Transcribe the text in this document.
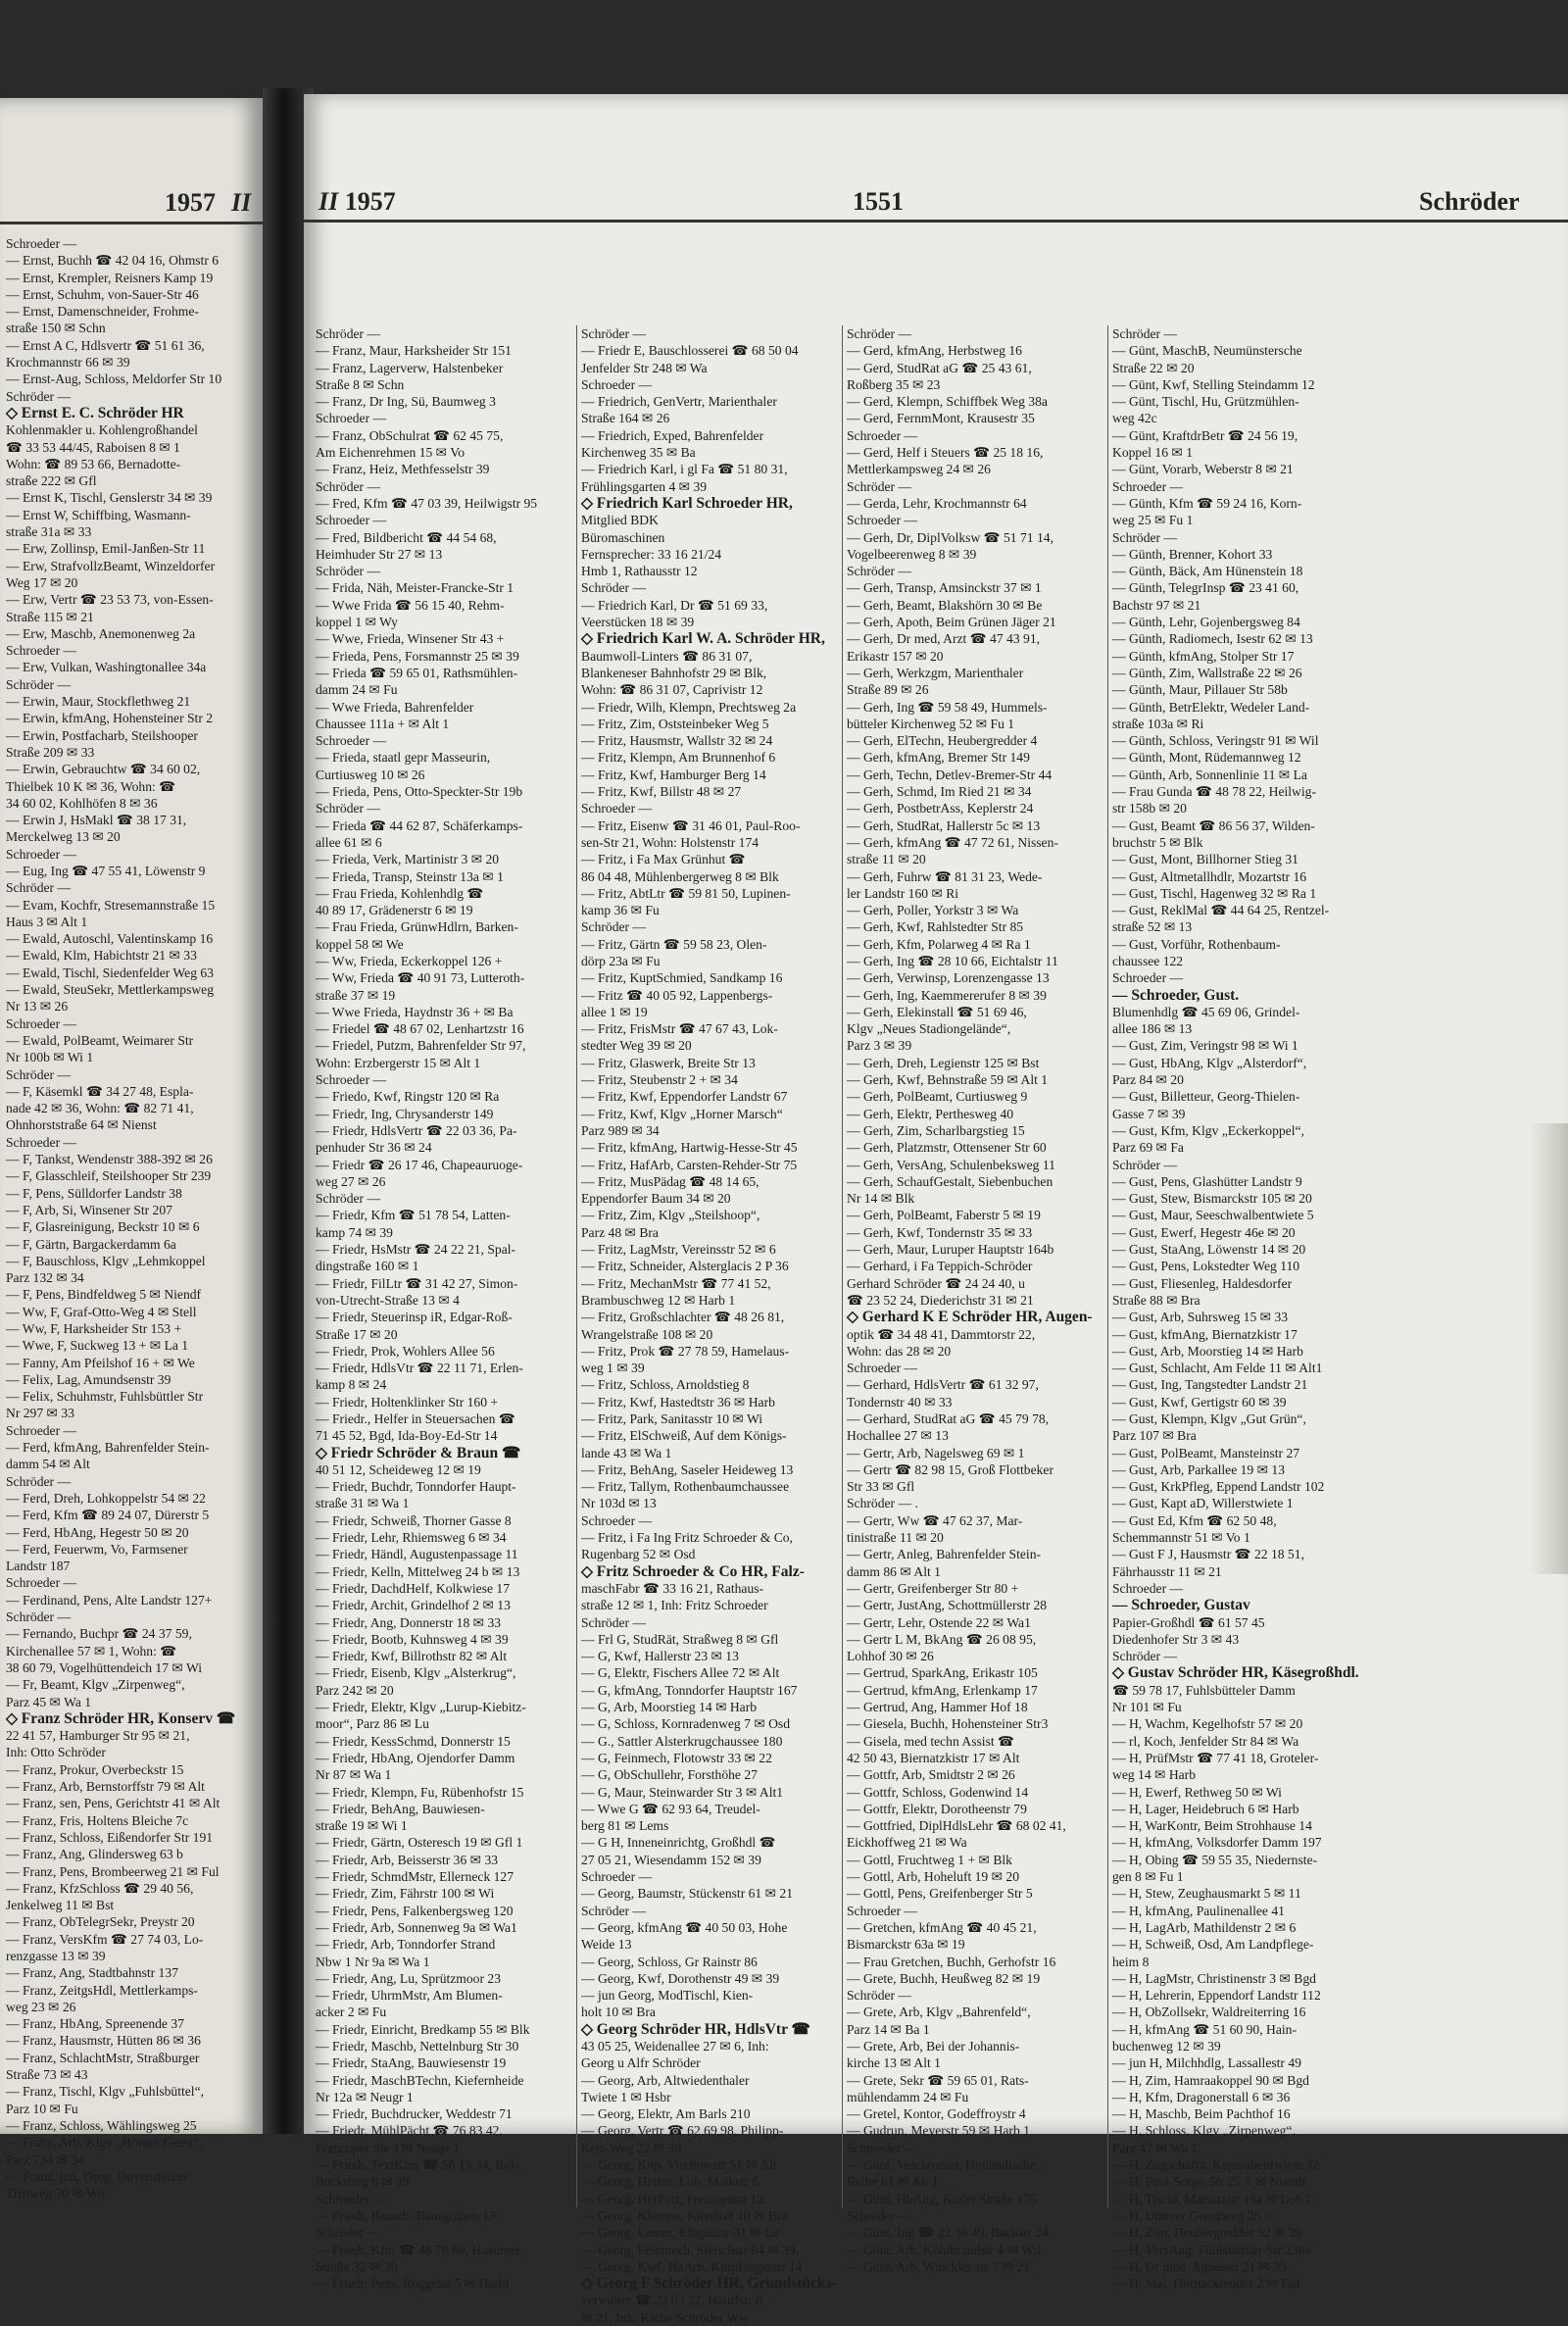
1957 II
Schroeder —
— Ernst, Buchh ☎ 42 04 16, Ohmstr 6
— Ernst, Krempler, Reisners Kamp 19
— Ernst, Schuhm, von-Sauer-Str 46
— Ernst, Damenschneider, Frohme-
straße 150 ✉ Schn
— Ernst A C, Hdlsvertr ☎ 51 61 36,
Krochmannstr 66 ✉ 39
— Ernst-Aug, Schloss, Meldorfer Str 10
Schröder —
◇ Ernst E. C. Schröder HR
Kohlenmakler u. Kohlengroßhandel
☎ 33 53 44/45, Raboisen 8 ✉ 1
Wohn: ☎ 89 53 66, Bernadotte-
straße 222 ✉ Gfl
— Ernst K, Tischl, Genslerstr 34 ✉ 39
— Ernst W, Schiffbing, Wasmann-
straße 31a ✉ 33
— Erw, Zollinsp, Emil-Janßen-Str 11
— Erw, StrafvollzBeamt, Winzeldorfer
Weg 17 ✉ 20
— Erw, Vertr ☎ 23 53 73, von-Essen-
Straße 115 ✉ 21
— Erw, Maschb, Anemonenweg 2a
Schroeder —
— Erw, Vulkan, Washingtonallee 34a
Schröder —
— Erwin, Maur, Stockflethweg 21
— Erwin, kfmAng, Hohensteiner Str 2
— Erwin, Postfacharb, Steilshooper
Straße 209 ✉ 33
— Erwin, Gebrauchtw ☎ 34 60 02,
Thielbek 10 K ✉ 36, Wohn: ☎
34 60 02, Kohlhöfen 8 ✉ 36
— Erwin J, HsMakl ☎ 38 17 31,
Merckelweg 13 ✉ 20
Schroeder —
— Eug, Ing ☎ 47 55 41, Löwenstr 9
Schröder —
— Evam, Kochfr, Stresemannstraße 15
Haus 3 ✉ Alt 1
— Ewald, Autoschl, Valentinskamp 16
— Ewald, Klm, Habichtstr 21 ✉ 33
— Ewald, Tischl, Siedenfelder Weg 63
— Ewald, SteuSekr, Mettlerkampsweg
Nr 13 ✉ 26
Schroeder —
— Ewald, PolBeamt, Weimarer Str
Nr 100b ✉ Wi 1
Schröder —
— F, Käsemkl ☎ 34 27 48, Espla-
nade 42 ✉ 36, Wohn: ☎ 82 71 41,
Ohnhorststraße 64 ✉ Nienst
Schroeder —
— F, Tankst, Wendenstr 388-392 ✉ 26
— F, Glasschleif, Steilshooper Str 239
— F, Pens, Sülldorfer Landstr 38
— F, Arb, Si, Winsener Str 207
— F, Glasreinigung, Beckstr 10 ✉ 6
— F, Gärtn, Bargackerdamm 6a
— F, Bauschloss, Klgv „Lehmkoppel
Parz 132 ✉ 34
— F, Pens, Bindfeldweg 5 ✉ Niendf
— Ww, F, Graf-Otto-Weg 4 ✉ Stell
— Ww, F, Harksheider Str 153 +
— Wwe, F, Suckweg 13 + ✉ La 1
— Fanny, Am Pfeilshof 16 + ✉ We
— Felix, Lag, Amundsenstr 39
— Felix, Schuhmstr, Fuhlsbüttler Str
Nr 297 ✉ 33
Schroeder —
— Ferd, kfmAng, Bahrenfelder Stein-
damm 54 ✉ Alt
Schröder —
— Ferd, Dreh, Lohkoppelstr 54 ✉ 22
— Ferd, Kfm ☎ 89 24 07, Dürerstr 5
— Ferd, HbAng, Hegestr 50 ✉ 20
— Ferd, Feuerwm, Vo, Farmsener
Landstr 187
Schroeder —
— Ferdinand, Pens, Alte Landstr 127+
Schröder —
— Fernando, Buchpr ☎ 24 37 59,
Kirchenallee 57 ✉ 1, Wohn: ☎
38 60 79, Vogelhüttendeich 17 ✉ Wi
— Fr, Beamt, Klgv „Zirpenweg“,
Parz 45 ✉ Wa 1
◇ Franz Schröder HR, Konserv ☎
22 41 57, Hamburger Str 95 ✉ 21,
Inh: Otto Schröder
— Franz, Prokur, Overbeckstr 15
— Franz, Arb, Bernstorffstr 79 ✉ Alt
— Franz, sen, Pens, Gerichtstr 41 ✉ Alt
— Franz, Fris, Holtens Bleiche 7c
— Franz, Schloss, Eißendorfer Str 191
— Franz, Ang, Glindersweg 63 b
— Franz, Pens, Brombeerweg 21 ✉ Ful
— Franz, KfzSchloss ☎ 29 40 56,
Jenkelweg 11 ✉ Bst
— Franz, ObTelegrSekr, Preystr 20
— Franz, VersKfm ☎ 27 74 03, Lo-
renzgasse 13 ✉ 39
— Franz, Ang, Stadtbahnstr 137
— Franz, ZeitgsHdl, Mettlerkamps-
weg 23 ✉ 26
— Franz, HbAng, Spreenende 37
— Franz, Hausmstr, Hütten 86 ✉ 36
— Franz, SchlachtMstr, Straßburger
Straße 73 ✉ 43
— Franz, Tischl, Klgv „Fuhlsbüttel“,
Parz 10 ✉ Fu
— Franz, Schloss, Wählingsweg 25
— Franz, Arb, Klgv „Horner Geest“,
Parz 734 ✉ 34
— Franz, jun, Drog, Duvenstedter
Triftweg 70 ✉ Wo
II 1957	1551	Schröder
Schröder —
— Franz, Maur, Harksheider Str 151
— Franz, Lagerverw, Halstenbeker
Straße 8 ✉ Schn
— Franz, Dr Ing, Sü, Baumweg 3
Schroeder —
— Franz, ObSchulrat ☎ 62 45 75,
Am Eichenrehmen 15 ✉ Vo
— Franz, Heiz, Methfesselstr 39
Schröder —
— Fred, Kfm ☎ 47 03 39, Heilwigstr 95
Schroeder —
— Fred, Bildbericht ☎ 44 54 68,
Heimhuder Str 27 ✉ 13
Schröder —
— Frida, Näh, Meister-Francke-Str 1
— Wwe Frida ☎ 56 15 40, Rehm-
koppel 1 ✉ Wy
— Wwe, Frieda, Winsener Str 43 +
— Frieda, Pens, Forsmannstr 25 ✉ 39
— Frieda ☎ 59 65 01, Rathsmühlen-
damm 24 ✉ Fu
— Wwe Frieda, Bahrenfelder
Chaussee 111a + ✉ Alt 1
Schroeder —
— Frieda, staatl gepr Masseurin,
Curtiusweg 10 ✉ 26
— Frieda, Pens, Otto-Speckter-Str 19b
Schröder —
— Frieda ☎ 44 62 87, Schäferkamps-
allee 61 ✉ 6
— Frieda, Verk, Martinistr 3 ✉ 20
— Frieda, Transp, Steinstr 13a ✉ 1
— Frau Frieda, Kohlenhdlg ☎
40 89 17, Grädenerstr 6 ✉ 19
— Frau Frieda, GrünwHdlrn, Barken-
koppel 58 ✉ We
— Ww, Frieda, Eckerkoppel 126 +
— Ww, Frieda ☎ 40 91 73, Lutteroth-
straße 37 ✉ 19
— Wwe Frieda, Haydnstr 36 + ✉ Ba
— Friedel ☎ 48 67 02, Lenhartzstr 16
— Friedel, Putzm, Bahrenfelder Str 97,
Wohn: Erzbergerstr 15 ✉ Alt 1
Schroeder —
— Friedo, Kwf, Ringstr 120 ✉ Ra
— Friedr, Ing, Chrysanderstr 149
— Friedr, HdlsVertr ☎ 22 03 36, Pa-
penhuder Str 36 ✉ 24
— Friedr ☎ 26 17 46, Chapeauruoge-
weg 27 ✉ 26
Schröder —
— Friedr, Kfm ☎ 51 78 54, Latten-
kamp 74 ✉ 39
— Friedr, HsMstr ☎ 24 22 21, Spal-
dingstraße 160 ✉ 1
— Friedr, FilLtr ☎ 31 42 27, Simon-
von-Utrecht-Straße 13 ✉ 4
— Friedr, Steuerinsp iR, Edgar-Roß-
Straße 17 ✉ 20
— Friedr, Prok, Wohlers Allee 56
— Friedr, HdlsVtr ☎ 22 11 71, Erlen-
kamp 8 ✉ 24
— Friedr, Holtenklinker Str 160 +
— Friedr., Helfer in Steuersachen ☎
71 45 52, Bgd, Ida-Boy-Ed-Str 14
◇ Friedr Schröder & Braun ☎
40 51 12, Scheideweg 12 ✉ 19
— Friedr, Buchdr, Tonndorfer Haupt-
straße 31 ✉ Wa 1
— Friedr, Schweiß, Thorner Gasse 8
— Friedr, Lehr, Rhiemsweg 6 ✉ 34
— Friedr, Händl, Augustenpassage 11
— Friedr, Kelln, Mittelweg 24 b ✉ 13
— Friedr, DachdHelf, Kolkwiese 17
— Friedr, Archit, Grindelhof 2 ✉ 13
— Friedr, Ang, Donnerstr 18 ✉ 33
— Friedr, Bootb, Kuhnsweg 4 ✉ 39
— Friedr, Kwf, Billrothstr 82 ✉ Alt
— Friedr, Eisenb, Klgv „Alsterkrug“,
Parz 242 ✉ 20
— Friedr, Elektr, Klgv „Lurup-Kiebitz-
moor“, Parz 86 ✉ Lu
— Friedr, KessSchmd, Donnerstr 15
— Friedr, HbAng, Ojendorfer Damm
Nr 87 ✉ Wa 1
— Friedr, Klempn, Fu, Rübenhofstr 15
— Friedr, BehAng, Bauwiesen-
straße 19 ✉ Wi 1
— Friedr, Gärtn, Osteresch 19 ✉ Gfl 1
— Friedr, Arb, Beisserstr 36 ✉ 33
— Friedr, SchmdMstr, Ellerneck 127
— Friedr, Zim, Fährstr 100 ✉ Wi
— Friedr, Pens, Falkenbergsweg 120
— Friedr, Arb, Sonnenweg 9a ✉ Wa1
— Friedr, Arb, Tonndorfer Strand
Nbw 1 Nr 9a ✉ Wa 1
— Friedr, Ang, Lu, Sprützmoor 23
— Friedr, UhrmMstr, Am Blumen-
acker 2 ✉ Fu
— Friedr, Einricht, Bredkamp 55 ✉ Blk
— Friedr, Maschb, Nettelnburg Str 30
— Friedr, StaAng, Bauwiesenstr 19
— Friedr, MaschBTechn, Kiefernheide
Nr 12a ✉ Neugr 1
— Friedr, Buchdrucker, Weddestr 71
— Friedr, MühlPächt ☎ 76 83 42,
Francoper Str 3 ✉ Neugr 1
— Friedr, TextKfm ☎ 56 19 34, Rol-
finckstieg 8 ✉ 39
Schroeder —
— Friedr, Bauarb, Bansgraben 13
Schröder —
— Friedr, Kfm ☎ 48 78 60, Husumer
Straße 32 ✉ 20
— Friedr, Pens, Roggestr 5 ✉ Harbl
Schröder —
— Friedr E, Bauschlosserei ☎ 68 50 04
Jenfelder Str 248 ✉ Wa
Schroeder —
— Friedrich, GenVertr, Marienthaler
Straße 164 ✉ 26
— Friedrich, Exped, Bahrenfelder
Kirchenweg 35 ✉ Ba
— Friedrich Karl, i gl Fa ☎ 51 80 31,
Frühlingsgarten 4 ✉ 39
◇ Friedrich Karl Schroeder HR,
Mitglied BDK
Büromaschinen
Fernsprecher: 33 16 21/24
Hmb 1, Rathausstr 12
Schröder —
— Friedrich Karl, Dr ☎ 51 69 33,
Veerstücken 18 ✉ 39
◇ Friedrich Karl W. A. Schröder HR,
Baumwoll-Linters ☎ 86 31 07,
Blankeneser Bahnhofstr 29 ✉ Blk,
Wohn: ☎ 86 31 07, Caprivistr 12
— Friedr, Wilh, Klempn, Prechtsweg 2a
— Fritz, Zim, Oststeinbeker Weg 5
— Fritz, Hausmstr, Wallstr 32 ✉ 24
— Fritz, Klempn, Am Brunnenhof 6
— Fritz, Kwf, Hamburger Berg 14
— Fritz, Kwf, Billstr 48 ✉ 27
Schroeder —
— Fritz, Eisenw ☎ 31 46 01, Paul-Roo-
sen-Str 21, Wohn: Holstenstr 174
— Fritz, i Fa Max Grünhut ☎
86 04 48, Mühlenbergerweg 8 ✉ Blk
— Fritz, AbtLtr ☎ 59 81 50, Lupinen-
kamp 36 ✉ Fu
Schröder —
— Fritz, Gärtn ☎ 59 58 23, Olen-
dörp 23a ✉ Fu
— Fritz, KuptSchmied, Sandkamp 16
— Fritz ☎ 40 05 92, Lappenbergs-
allee 1 ✉ 19
— Fritz, FrisMstr ☎ 47 67 43, Lok-
stedter Weg 39 ✉ 20
— Fritz, Glaswerk, Breite Str 13
— Fritz, Steubenstr 2 + ✉ 34
— Fritz, Kwf, Eppendorfer Landstr 67
— Fritz, Kwf, Klgv „Horner Marsch“
Parz 989 ✉ 34
— Fritz, kfmAng, Hartwig-Hesse-Str 45
— Fritz, HafArb, Carsten-Rehder-Str 75
— Fritz, MusPädag ☎ 48 14 65,
Eppendorfer Baum 34 ✉ 20
— Fritz, Zim, Klgv „Steilshoop“,
Parz 48 ✉ Bra
— Fritz, LagMstr, Vereinsstr 52 ✉ 6
— Fritz, Schneider, Alsterglacis 2 P 36
— Fritz, MechanMstr ☎ 77 41 52,
Brambuschweg 12 ✉ Harb 1
— Fritz, Großschlachter ☎ 48 26 81,
Wrangelstraße 108 ✉ 20
— Fritz, Prok ☎ 27 78 59, Hamelaus-
weg 1 ✉ 39
— Fritz, Schloss, Arnoldstieg 8
— Fritz, Kwf, Hastedtstr 36 ✉ Harb
— Fritz, Park, Sanitasstr 10 ✉ Wi
— Fritz, ElSchweiß, Auf dem Königs-
lande 43 ✉ Wa 1
— Fritz, BehAng, Saseler Heideweg 13
— Fritz, Tallym, Rothenbaumchaussee
Nr 103d ✉ 13
Schroeder —
— Fritz, i Fa Ing Fritz Schroeder & Co,
Rugenbarg 52 ✉ Osd
◇ Fritz Schroeder & Co HR, Falz-
maschFabr ☎ 33 16 21, Rathaus-
straße 12 ✉ 1, Inh: Fritz Schroeder
Schröder —
— Frl G, StudRät, Straßweg 8 ✉ Gfl
— G, Kwf, Hallerstr 23 ✉ 13
— G, Elektr, Fischers Allee 72 ✉ Alt
— G, kfmAng, Tonndorfer Hauptstr 167
— G, Arb, Moorstieg 14 ✉ Harb
— G, Schloss, Kornradenweg 7 ✉ Osd
— G., Sattler Alsterkrugchaussee 180
— G, Feinmech, Flotowstr 33 ✉ 22
— G, ObSchullehr, Forsthöhe 27
— G, Maur, Steinwarder Str 3 ✉ Alt1
— Wwe G ☎ 62 93 64, Treudel-
berg 81 ✉ Lems
— G H, Inneneinrichtg, Großhdl ☎
27 05 21, Wiesendamm 152 ✉ 39
Schroeder —
— Georg, Baumstr, Stückenstr 61 ✉ 21
Schröder —
— Georg, kfmAng ☎ 40 50 03, Hohe
Weide 13
— Georg, Schloss, Gr Rainstr 86
— Georg, Kwf, Dorothenstr 49 ✉ 39
— jun Georg, ModTischl, Kien-
holt 10 ✉ Bra
◇ Georg Schröder HR, HdlsVtr ☎
43 05 25, Weidenallee 27 ✉ 6, Inh:
Georg u Alfr Schröder
— Georg, Arb, Altwiedenthaler
Twiete 1 ✉ Hsbr
— Georg, Elektr, Am Barls 210
— Georg, Vertr ☎ 62 69 98, Philipp-
Reis-Weg 22 ✉ 39
— Georg, Küp, Virchowstr 51 ✉ Alt
— Georg, Heizer, Loh, Maikstr 6
— Georg, HotPort, Frenssenstr 12
— Georg, Klempn, Kienholt 10 ✉ Bra
— Georg, Lamm, Elbgaustr 31 ✉ Lu
— Georg, Feinmech, Sierichstr 64 ✉ 39
— Georg, Kwf, HaArb, Kurpfangerstr 14
◇ Georg F Schröder HR, Grundstücks-
verwalter ☎ 22 02 22, Hauffstr 8
✉ 21, Inh: Käthe Schröder Ww
Schröder —
— Gerd, kfmAng, Herbstweg 16
— Gerd, StudRat aG ☎ 25 43 61,
Roßberg 35 ✉ 23
— Gerd, Klempn, Schiffbek Weg 38a
— Gerd, FernmMont, Krausestr 35
Schroeder —
— Gerd, Helf i Steuers ☎ 25 18 16,
Mettlerkampsweg 24 ✉ 26
Schröder —
— Gerda, Lehr, Krochmannstr 64
Schroeder —
— Gerh, Dr, DiplVolksw ☎ 51 71 14,
Vogelbeerenweg 8 ✉ 39
Schröder —
— Gerh, Transp, Amsinckstr 37 ✉ 1
— Gerh, Beamt, Blakshörn 30 ✉ Be
— Gerh, Apoth, Beim Grünen Jäger 21
— Gerh, Dr med, Arzt ☎ 47 43 91,
Erikastr 157 ✉ 20
— Gerh, Werkzgm, Marienthaler
Straße 89 ✉ 26
— Gerh, Ing ☎ 59 58 49, Hummels-
bütteler Kirchenweg 52 ✉ Fu 1
— Gerh, ElTechn, Heubergredder 4
— Gerh, kfmAng, Bremer Str 149
— Gerh, Techn, Detlev-Bremer-Str 44
— Gerh, Schmd, Im Ried 21 ✉ 34
— Gerh, PostbetrAss, Keplerstr 24
— Gerh, StudRat, Hallerstr 5c ✉ 13
— Gerh, kfmAng ☎ 47 72 61, Nissen-
straße 11 ✉ 20
— Gerh, Fuhrw ☎ 81 31 23, Wede-
ler Landstr 160 ✉ Ri
— Gerh, Poller, Yorkstr 3 ✉ Wa
— Gerh, Kwf, Rahlstedter Str 85
— Gerh, Kfm, Polarweg 4 ✉ Ra 1
— Gerh, Ing ☎ 28 10 66, Eichtalstr 11
— Gerh, Verwinsp, Lorenzengasse 13
— Gerh, Ing, Kaemmererufer 8 ✉ 39
— Gerh, Elekinstall ☎ 51 69 46,
Klgv „Neues Stadiongelände“,
Parz 3 ✉ 39
— Gerh, Dreh, Legienstr 125 ✉ Bst
— Gerh, Kwf, Behnstraße 59 ✉ Alt 1
— Gerh, PolBeamt, Curtiusweg 9
— Gerh, Elektr, Perthesweg 40
— Gerh, Zim, Scharlbargstieg 15
— Gerh, Platzmstr, Ottensener Str 60
— Gerh, VersAng, Schulenbeksweg 11
— Gerh, SchaufGestalt, Siebenbuchen
Nr 14 ✉ Blk
— Gerh, PolBeamt, Faberstr 5 ✉ 19
— Gerh, Kwf, Tondernstr 35 ✉ 33
— Gerh, Maur, Luruper Hauptstr 164b
— Gerhard, i Fa Teppich-Schröder
Gerhard Schröder ☎ 24 24 40, u
☎ 23 52 24, Diederichstr 31 ✉ 21
◇ Gerhard K E Schröder HR, Augen-
optik ☎ 34 48 41, Dammtorstr 22,
Wohn: das 28 ✉ 20
Schroeder —
— Gerhard, HdlsVertr ☎ 61 32 97,
Tondernstr 40 ✉ 33
— Gerhard, StudRat aG ☎ 45 79 78,
Hochallee 27 ✉ 13
— Gertr, Arb, Nagelsweg 69 ✉ 1
— Gertr ☎ 82 98 15, Groß Flottbeker
Str 33 ✉ Gfl
Schröder — .
— Gertr, Ww ☎ 47 62 37, Mar-
tinistraße 11 ✉ 20
— Gertr, Anleg, Bahrenfelder Stein-
damm 86 ✉ Alt 1
— Gertr, Greifenberger Str 80 +
— Gertr, JustAng, Schottmüllerstr 28
— Gertr, Lehr, Ostende 22 ✉ Wa1
— Gertr L M, BkAng ☎ 26 08 95,
Lohhof 30 ✉ 26
— Gertrud, SparkAng, Erikastr 105
— Gertrud, kfmAng, Erlenkamp 17
— Gertrud, Ang, Hammer Hof 18
— Giesela, Buchh, Hohensteiner Str3
— Gisela, med techn Assist ☎
42 50 43, Biernatzkistr 17 ✉ Alt
— Gottfr, Arb, Smidtstr 2 ✉ 26
— Gottfr, Schloss, Godenwind 14
— Gottfr, Elektr, Dorotheenstr 79
— Gottfried, DiplHdlsLehr ☎ 68 02 41,
Eickhoffweg 21 ✉ Wa
— Gottl, Fruchtweg 1 + ✉ Blk
— Gottl, Arb, Hoheluft 19 ✉ 20
— Gottl, Pens, Greifenberger Str 5
Schroeder —
— Gretchen, kfmAng ☎ 40 45 21,
Bismarckstr 63a ✉ 19
— Frau Gretchen, Buchh, Gerhofstr 16
— Grete, Buchh, Heußweg 82 ✉ 19
Schröder —
— Grete, Arb, Klgv „Bahrenfeld“,
Parz 14 ✉ Ba 1
— Grete, Arb, Bei der Johannis-
kirche 13 ✉ Alt 1
— Grete, Sekr ☎ 59 65 01, Rats-
mühlendamm 24 ✉ Fu
— Gretel, Kontor, Godeffroystr 4
— Gudrun, Meyerstr 59 ✉ Harb 1
Schroeder —
— Günt, Verchromer, Holländische
Reihe 61 ✉ Alt 1
— Günt, HbAng, Kieler Straße 175
Schröder —
— Günt, Ing ☎ 22 36 49, Bachstr 24
— Günt, Arb, Köhlbrandstr 4 ✉ Wil
— Günt, Arb, Winckler str 7 ✉ 21
Schröder —
— Günt, MaschB, Neumünstersche
Straße 22 ✉ 20
— Günt, Kwf, Stelling Steindamm 12
— Günt, Tischl, Hu, Grützmühlen-
weg 42c
— Günt, KraftdrBetr ☎ 24 56 19,
Koppel 16 ✉ 1
— Günt, Vorarb, Weberstr 8 ✉ 21
Schroeder —
— Günth, Kfm ☎ 59 24 16, Korn-
weg 25 ✉ Fu 1
Schröder —
— Günth, Brenner, Kohort 33
— Günth, Bäck, Am Hünenstein 18
— Günth, TelegrInsp ☎ 23 41 60,
Bachstr 97 ✉ 21
— Günth, Lehr, Gojenbergsweg 84
— Günth, Radiomech, Isestr 62 ✉ 13
— Günth, kfmAng, Stolper Str 17
— Günth, Zim, Wallstraße 22 ✉ 26
— Günth, Maur, Pillauer Str 58b
— Günth, BetrElektr, Wedeler Land-
straße 103a ✉ Ri
— Günth, Schloss, Veringstr 91 ✉ Wil
— Günth, Mont, Rüdemannweg 12
— Günth, Arb, Sonnenlinie 11 ✉ La
— Frau Gunda ☎ 48 78 22, Heilwig-
str 158b ✉ 20
— Gust, Beamt ☎ 86 56 37, Wilden-
bruchstr 5 ✉ Blk
— Gust, Mont, Billhorner Stieg 31
— Gust, Altmetallhdlr, Mozartstr 16
— Gust, Tischl, Hagenweg 32 ✉ Ra 1
— Gust, ReklMal ☎ 44 64 25, Rentzel-
straße 52 ✉ 13
— Gust, Vorführ, Rothenbaum-
chaussee 122
Schroeder —
— Schroeder, Gust.
Blumenhdlg ☎ 45 69 06, Grindel-
allee 186 ✉ 13
— Gust, Zim, Veringstr 98 ✉ Wi 1
— Gust, HbAng, Klgv „Alsterdorf“,
Parz 84 ✉ 20
— Gust, Billetteur, Georg-Thielen-
Gasse 7 ✉ 39
— Gust, Kfm, Klgv „Eckerkoppel“,
Parz 69 ✉ Fa
Schröder —
— Gust, Pens, Glashütter Landstr 9
— Gust, Stew, Bismarckstr 105 ✉ 20
— Gust, Maur, Seeschwalbentwiete 5
— Gust, Ewerf, Hegestr 46e ✉ 20
— Gust, StaAng, Löwenstr 14 ✉ 20
— Gust, Pens, Lokstedter Weg 110
— Gust, Fliesenleg, Haldesdorfer
Straße 88 ✉ Bra
— Gust, Arb, Suhrsweg 15 ✉ 33
— Gust, kfmAng, Biernatzkistr 17
— Gust, Arb, Moorstieg 14 ✉ Harb
— Gust, Schlacht, Am Felde 11 ✉ Alt1
— Gust, Ing, Tangstedter Landstr 21
— Gust, Kwf, Gertigstr 60 ✉ 39
— Gust, Klempn, Klgv „Gut Grün“,
Parz 107 ✉ Bra
— Gust, PolBeamt, Mansteinstr 27
— Gust, Arb, Parkallee 19 ✉ 13
— Gust, KrkPfleg, Eppend Landstr 102
— Gust, Kapt aD, Willerstwiete 1
— Gust Ed, Kfm ☎ 62 50 48,
Schemmannstr 51 ✉ Vo 1
— Gust F J, Hausmstr ☎ 22 18 51,
Fährhausstr 11 ✉ 21
Schroeder —
— Schroeder, Gustav
Papier-Großhdl ☎ 61 57 45
Diedenhofer Str 3 ✉ 43
Schröder —
◇ Gustav Schröder HR, Käsegroßhdl.
☎ 59 78 17, Fuhlsbütteler Damm
Nr 101 ✉ Fu
— H, Wachm, Kegelhofstr 57 ✉ 20
— rl, Koch, Jenfelder Str 84 ✉ Wa
— H, PrüfMstr ☎ 77 41 18, Groteler-
weg 14 ✉ Harb
— H, Ewerf, Rethweg 50 ✉ Wi
— H, Lager, Heidebruch 6 ✉ Harb
— H, WarKontr, Beim Strohhause 14
— H, kfmAng, Volksdorfer Damm 197
— H, Obing ☎ 59 55 35, Niedernste-
gen 8 ✉ Fu 1
— H, Stew, Zeughausmarkt 5 ✉ 11
— H, kfmAng, Paulinenallee 41
— H, LagArb, Mathildenstr 2 ✉ 6
— H, Schweiß, Osd, Am Landpflege-
heim 8
— H, LagMstr, Christinenstr 3 ✉ Bgd
— H, Lehrerin, Eppendorf Landstr 112
— H, ObZollsekr, Waldreiterring 16
— H, kfmAng ☎ 51 60 90, Hain-
buchenweg 12 ✉ 39
— jun H, Milchhdlg, Lassallestr 49
— H, Zim, Hamraakoppel 90 ✉ Bgd
— H, Kfm, Dragonerstall 6 ✉ 36
— H, Maschb, Beim Pachthof 16
— H, Schloss, Klgv „Zirpenweg“,
Parz 47 ✉ Wa 1
— H, Zugschaffn, Kaptaubentwiete 32
— H, Paul-Sorge-Str 25 + ✉ Niendf
— H, Tischl, Marnitzstr 16a ✉ Loh 1
— H, Unterer Grenzweg 25 +
— H, Zim, Heubergredder 52 ✉ 39
— H, VersAng, Fuhlsbüttler Str 238a
— H, Dr med, Agnesstr 21 ✉ 39
— H, Mal, Hornackredder 2 ✉ Eid
